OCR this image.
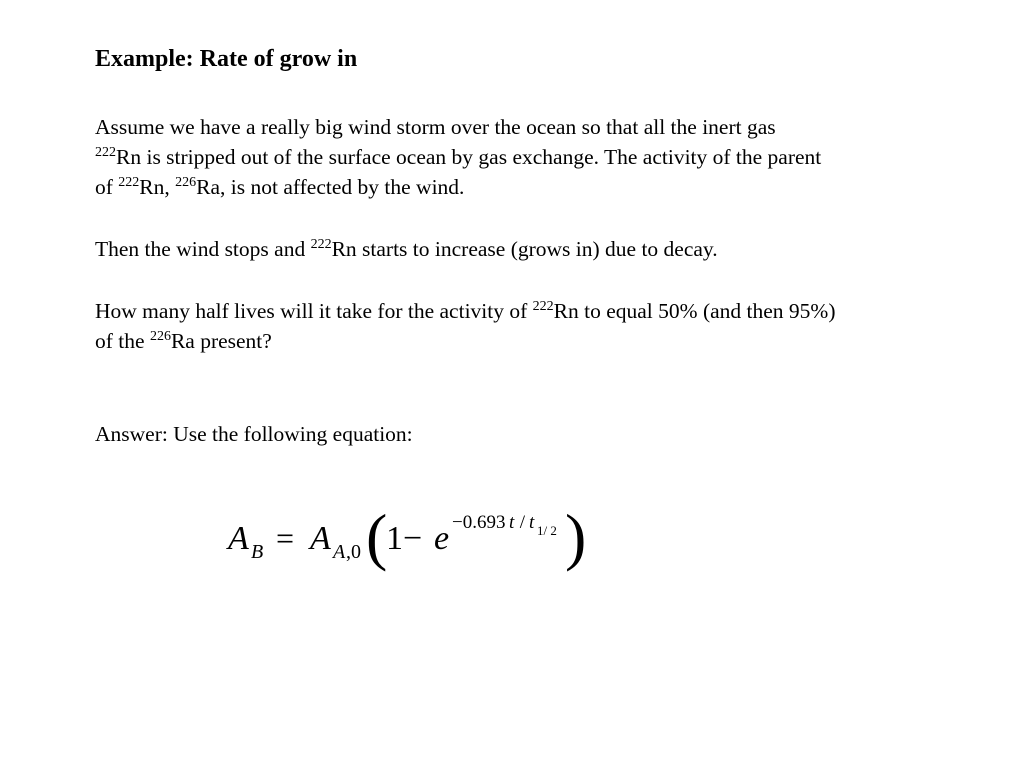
Example: Rate of grow in
Assume we have a really big wind storm over the ocean so that all the inert gas
$^{222}$Rn is stripped out of the surface ocean by gas exchange. The activity of the parent
of $^{222}$Rn, $^{226}$Ra, is not affected by the wind.
Then the wind stops and $^{222}$Rn starts to increase (grows in) due to decay.
How many half lives will it take for the activity of $^{222}$Rn to equal 50% (and then 95%)
of the $^{226}$Ra present?
Answer: Use the following equation:
A B = A A ,0 (
1− e −0.693 t / t 1/ 2 )
